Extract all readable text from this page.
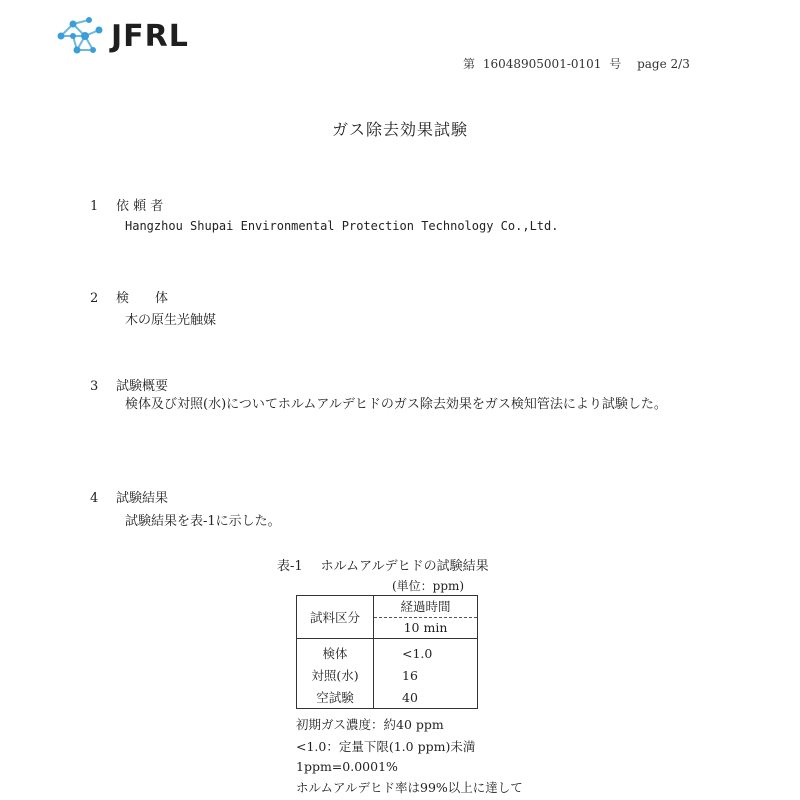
JFRL
第 16048905001-0101 号 page 2/3
ガス除去効果試験
1 依 頼 者
Hangzhou Shupai Environmental Protection Technology Co.,Ltd.
2 検　　体
木の原生光触媒
3 試験概要
検体及び対照(水)についてホルムアルデヒドのガス除去効果をガス検知管法により試験した。
4 試験結果
試験結果を表-1に示した。
表-1 ホルムアルデヒドの試験結果
(単位：ppm)
試料区分	経過時間
	10 min
検体	<1.0
対照(水)	16
空試験	40
初期ガス濃度：約40 ppm
<1.0：定量下限(1.0 ppm)未満
1ppm=0.0001%
ホルムアルデヒド率は99%以上に達して
